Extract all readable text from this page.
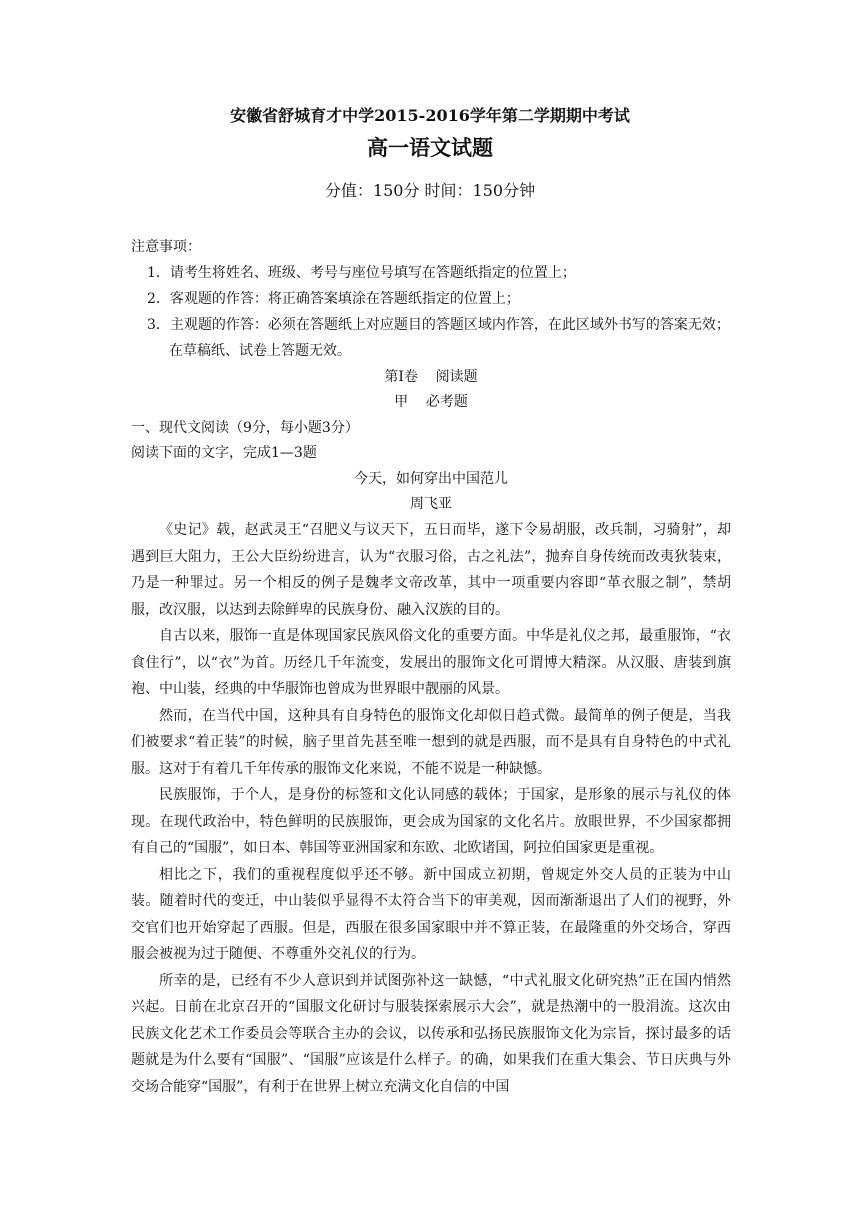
安徽省舒城育才中学2015-2016学年第二学期期中考试
高一语文试题
分值：150分 时间：150分钟
注意事项：
1．请考生将姓名、班级、考号与座位号填写在答题纸指定的位置上；
2．客观题的作答：将正确答案填涂在答题纸指定的位置上；
3．主观题的作答：必须在答题纸上对应题目的答题区域内作答，在此区域外书写的答案无效；在草稿纸、试卷上答题无效。
第Ⅰ卷    阅读题
甲    必考题
一、现代文阅读（9分，每小题3分）
阅读下面的文字，完成1—3题
今天，如何穿出中国范儿
周飞亚

《史记》载，赵武灵王“召肥义与议天下，五日而毕，遂下令易胡服，改兵制，习骑射”，却遇到巨大阻力，王公大臣纷纷进言，认为“衣服习俗，古之礼法”，抛弃自身传统而改夷狄装束，乃是一种罪过。另一个相反的例子是魏孝文帝改革，其中一项重要内容即“革衣服之制”，禁胡服，改汉服，以达到去除鲜卑的民族身份、融入汉族的目的。

自古以来，服饰一直是体现国家民族风俗文化的重要方面。中华是礼仪之邦，最重服饰，“衣食住行”，以“衣”为首。历经几千年流变，发展出的服饰文化可谓博大精深。从汉服、唐装到旗袍、中山装，经典的中华服饰也曾成为世界眼中靓丽的风景。

然而，在当代中国，这种具有自身特色的服饰文化却似日趋式微。最简单的例子便是，当我们被要求“着正装”的时候，脑子里首先甚至唯一想到的就是西服，而不是具有自身特色的中式礼服。这对于有着几千年传承的服饰文化来说，不能不说是一种缺憾。

民族服饰，于个人，是身份的标签和文化认同感的载体；于国家，是形象的展示与礼仪的体现。在现代政治中，特色鲜明的民族服饰，更会成为国家的文化名片。放眼世界，不少国家都拥有自己的“国服”，如日本、韩国等亚洲国家和东欧、北欧诸国，阿拉伯国家更是重视。

相比之下，我们的重视程度似乎还不够。新中国成立初期，曾规定外交人员的正装为中山装。随着时代的变迁，中山装似乎显得不太符合当下的审美观，因而渐渐退出了人们的视野，外交官们也开始穿起了西服。但是，西服在很多国家眼中并不算正装，在最隆重的外交场合，穿西服会被视为过于随便、不尊重外交礼仪的行为。

所幸的是，已经有不少人意识到并试图弥补这一缺憾，“中式礼服文化研究热”正在国内悄然兴起。日前在北京召开的“国服文化研讨与服装探索展示大会”，就是热潮中的一股涓流。这次由民族文化艺术工作委员会等联合主办的会议，以传承和弘扬民族服饰文化为宗旨，探讨最多的话题就是为什么要有“国服”、“国服”应该是什么样子。的确，如果我们在重大集会、节日庆典与外交场合能穿“国服”，有利于在世界上树立充满文化自信的中国
